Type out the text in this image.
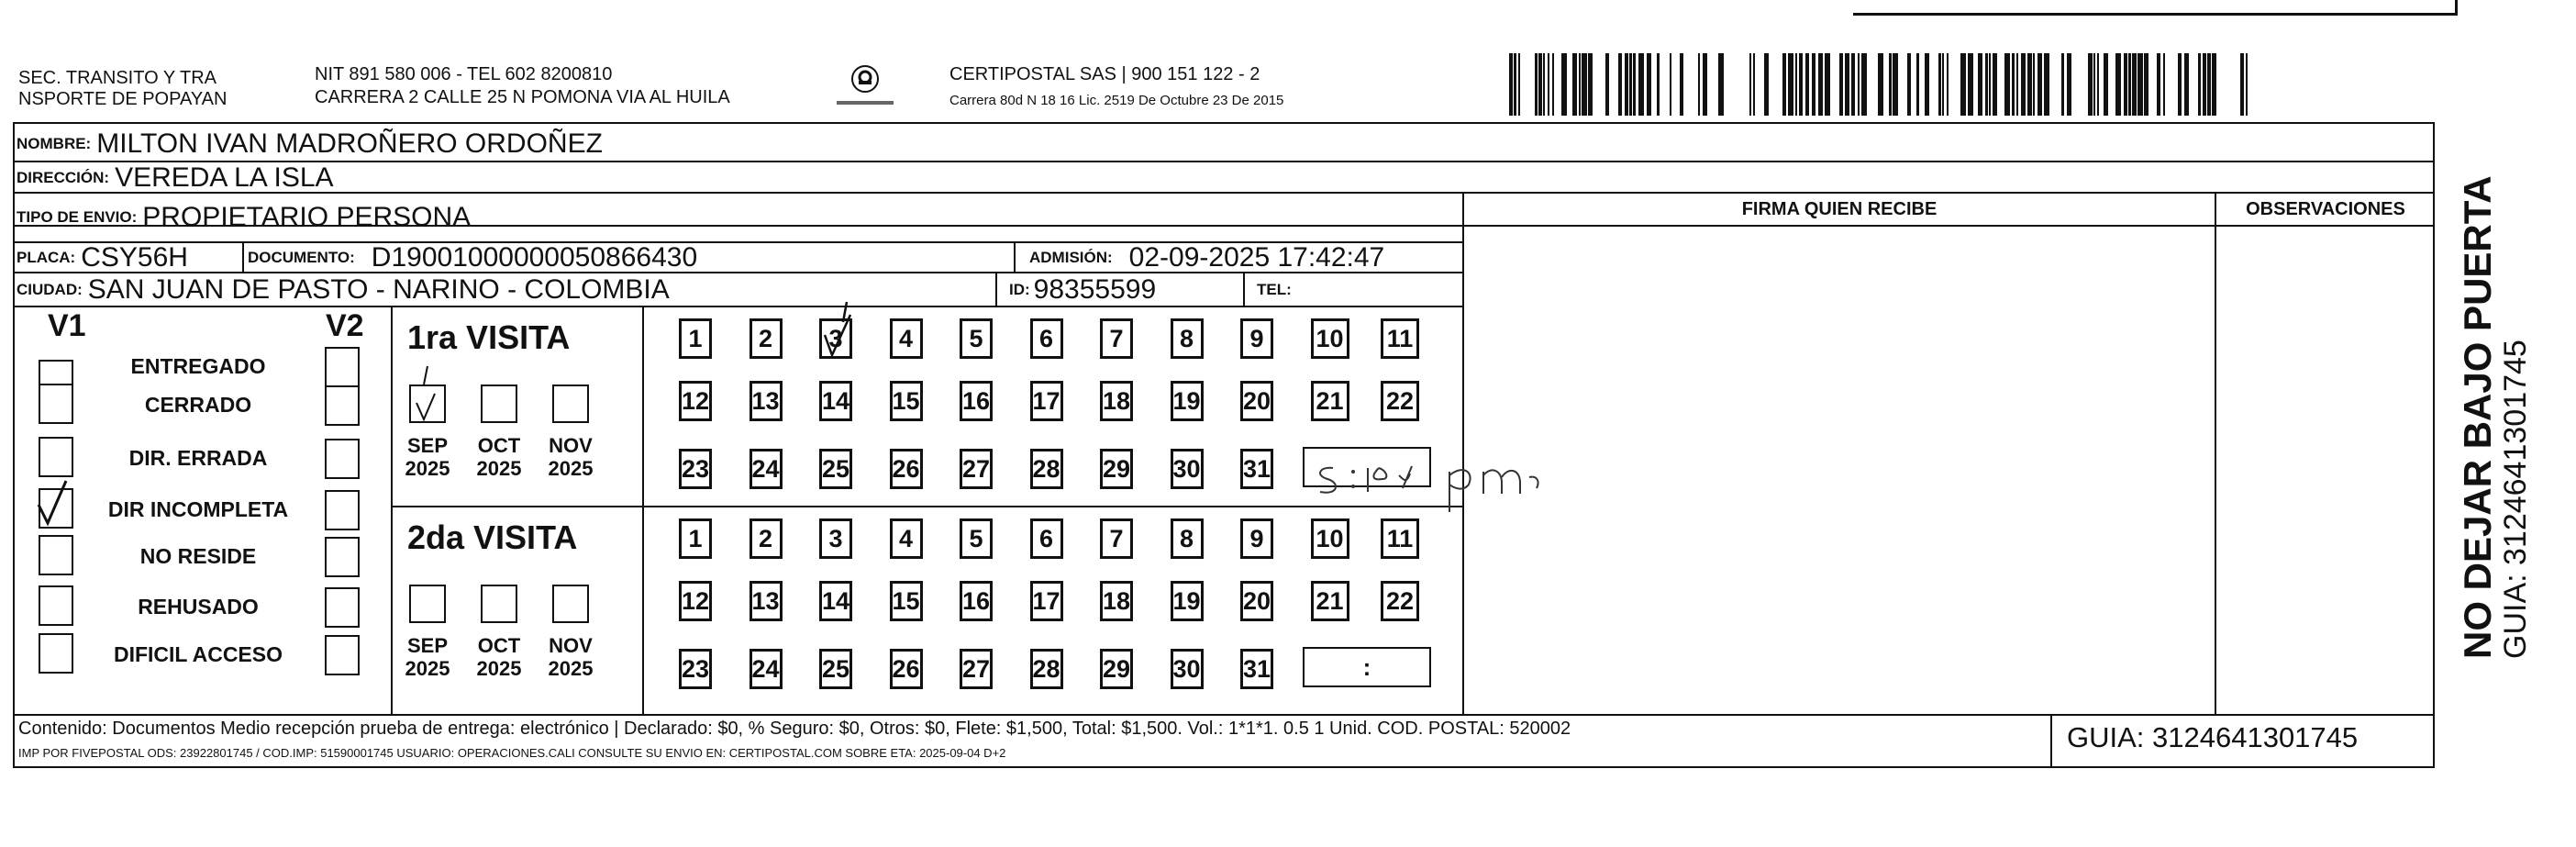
SEC. TRANSITO Y TRA
NSPORTE DE POPAYAN
NIT 891 580 006 - TEL 602 8200810
CARRERA 2 CALLE 25 N POMONA VIA AL HUILA
CERTIPOSTAL SAS | 900 151 122 - 2
Carrera 80d N 18 16 Lic. 2519 De Octubre 23 De 2015
NOMBRE: MILTON IVAN MADROÑERO ORDOÑEZ
DIRECCIÓN: VEREDA LA ISLA
TIPO DE ENVIO: PROPIETARIO PERSONA	FIRMA QUIEN RECIBE	OBSERVACIONES
PLACA: CSY56H	DOCUMENTO: D19001000000050866430	ADMISIÓN: 02-09-2025 17:42:47
CIUDAD: SAN JUAN DE PASTO - NARINO - COLOMBIA	ID: 98355599	TEL:
V1	V2
ENTREGADO
CERRADO
DIR. ERRADA
DIR INCOMPLETA
NO RESIDE
REHUSADO
DIFICIL ACCESO
1ra VISITA
SEP
2025
OCT
2025
NOV
2025
1	2	3	4	5	6	7	8	9	10 11
12 13 14 15 16 17 18 19 20 21 22
23 24 25 26 27 28 29 30 31
2da VISITA
SEP
2025
OCT
2025
NOV
2025
1	2	3	4	5	6	7	8	9	10 11
12 13 14 15 16 17 18 19 20 21 22
23 24 25 26 27 28 29 30 31	:
Contenido: Documentos Medio recepción prueba de entrega: electrónico | Declarado: $0, % Seguro: $0, Otros: $0, Flete: $1,500, Total: $1,500. Vol.: 1*1*1. 0.5 1 Unid. COD. POSTAL: 520002
IMP POR FIVEPOSTAL ODS: 23922801745 / COD.IMP: 51590001745 USUARIO: OPERACIONES.CALI CONSULTE SU ENVIO EN: CERTIPOSTAL.COM SOBRE ETA: 2025-09-04 D+2	GUIA: 3124641301745
NO DEJAR BAJO PUERTA GUIA: 3124641301745
